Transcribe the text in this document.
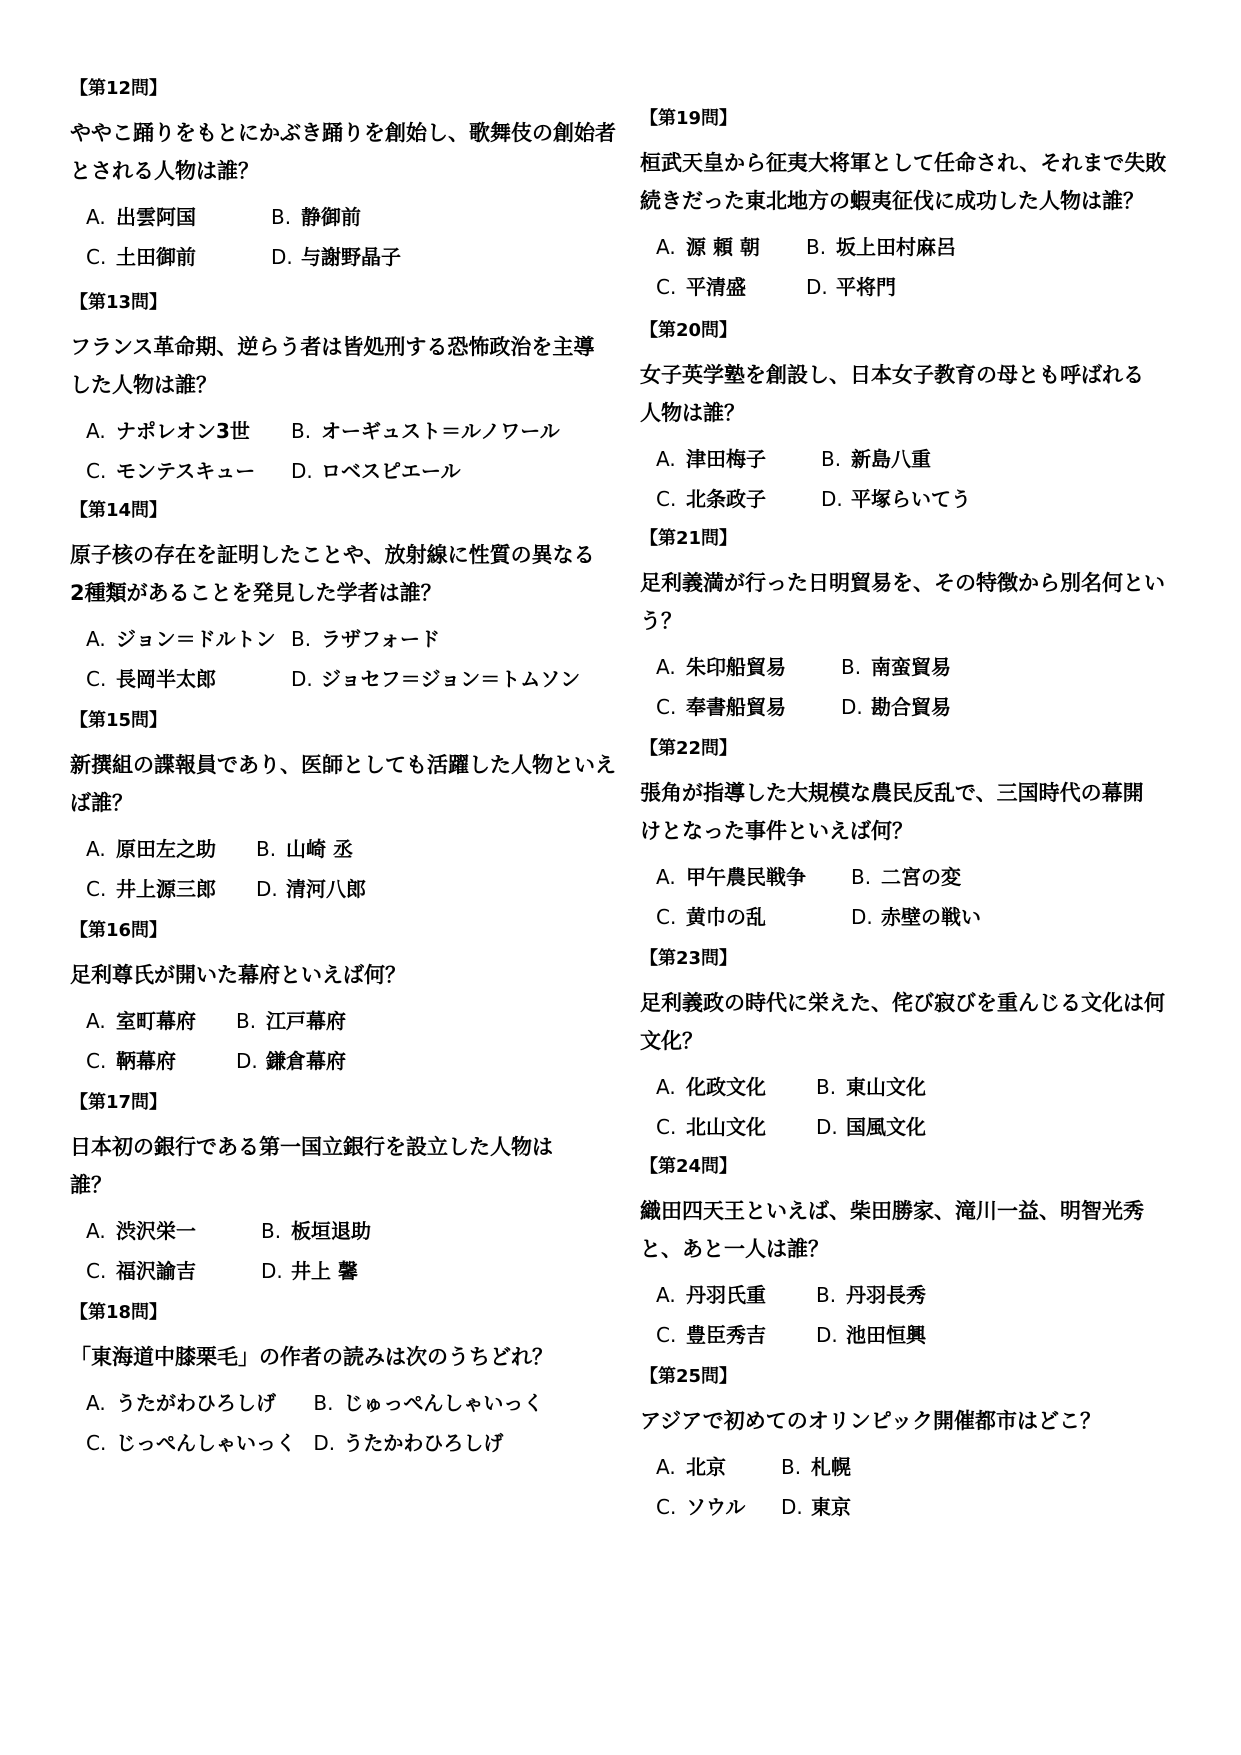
【第12問】
ややこ踊りをもとにかぶき踊りを創始し、歌舞伎の創始者
とされる人物は誰？
A. 出雲阿国	B. 静御前
C. 土田御前	D. 与謝野晶子
【第13問】
フランス革命期、逆らう者は皆処刑する恐怖政治を主導
した人物は誰？
A. ナポレオン3世 B. オーギュスト＝ルノワール
C. モンテスキュー D. ロベスピエール
【第14問】
原子核の存在を証明したことや、放射線に性質の異なる
2種類があることを発見した学者は誰？
A. ジョン＝ドルトン B. ラザフォード
C. 長岡半太郎	D. ジョセフ＝ジョン＝トムソン
【第15問】
新撰組の諜報員であり、医師としても活躍した人物といえ
ば誰？
A. 原田左之助 B. 山崎 丞
C. 井上源三郎 D. 清河八郎
【第16問】
足利尊氏が開いた幕府といえば何？
A. 室町幕府 B. 江戸幕府
C. 鞆幕府	D. 鎌倉幕府
【第17問】
日本初の銀行である第一国立銀行を設立した人物は
誰？
A. 渋沢栄一	B. 板垣退助
C. 福沢諭吉	D. 井上 馨
【第18問】
「東海道中膝栗毛」の作者の読みは次のうちどれ？
A. うたがわひろしげ B. じゅっぺんしゃいっく
C. じっぺんしゃいっく D. うたかわひろしげ
【第19問】
桓武天皇から征夷大将軍として任命され、それまで失敗
続きだった東北地方の蝦夷征伐に成功した人物は誰？
A. 源 頼 朝 B. 坂上田村麻呂
C. 平清盛	D. 平将門
【第20問】
女子英学塾を創設し、日本女子教育の母とも呼ばれる
人物は誰？
A. 津田梅子	B. 新島八重
C. 北条政子	D. 平塚らいてう
【第21問】
足利義満が行った日明貿易を、その特徴から別名何とい
う？
A. 朱印船貿易	B. 南蛮貿易
C. 奉書船貿易	D. 勘合貿易
【第22問】
張角が指導した大規模な農民反乱で、三国時代の幕開
けとなった事件といえば何？
A. 甲午農民戦争 B. 二宮の変
C. 黄巾の乱	D. 赤壁の戦い
【第23問】
足利義政の時代に栄えた、侘び寂びを重んじる文化は何
文化？
A. 化政文化	B. 東山文化
C. 北山文化	D. 国風文化
【第24問】
織田四天王といえば、柴田勝家、滝川一益、明智光秀
と、あと一人は誰？
A. 丹羽氏重	B. 丹羽長秀
C. 豊臣秀吉	D. 池田恒興
【第25問】
アジアで初めてのオリンピック開催都市はどこ？
A. 北京	B. 札幌
C. ソウル D. 東京
